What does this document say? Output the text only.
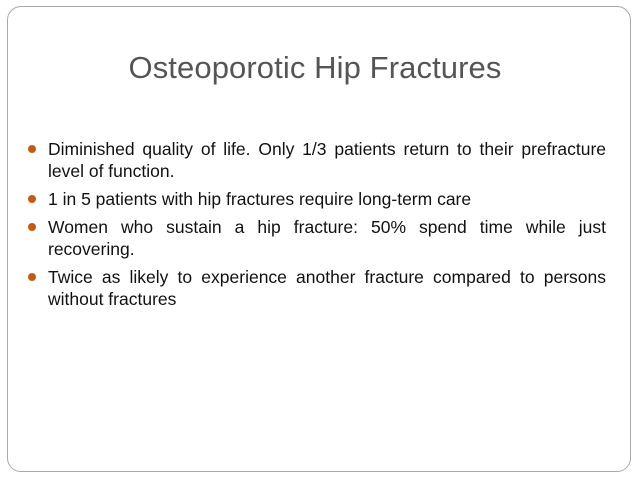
Osteoporotic Hip Fractures
Diminished quality of life. Only 1/3 patients return to their prefracture level of function.
1 in 5 patients with hip fractures require long-term care
Women who sustain a hip fracture: 50% spend time while just recovering.
Twice as likely to experience another fracture compared to persons without fractures
